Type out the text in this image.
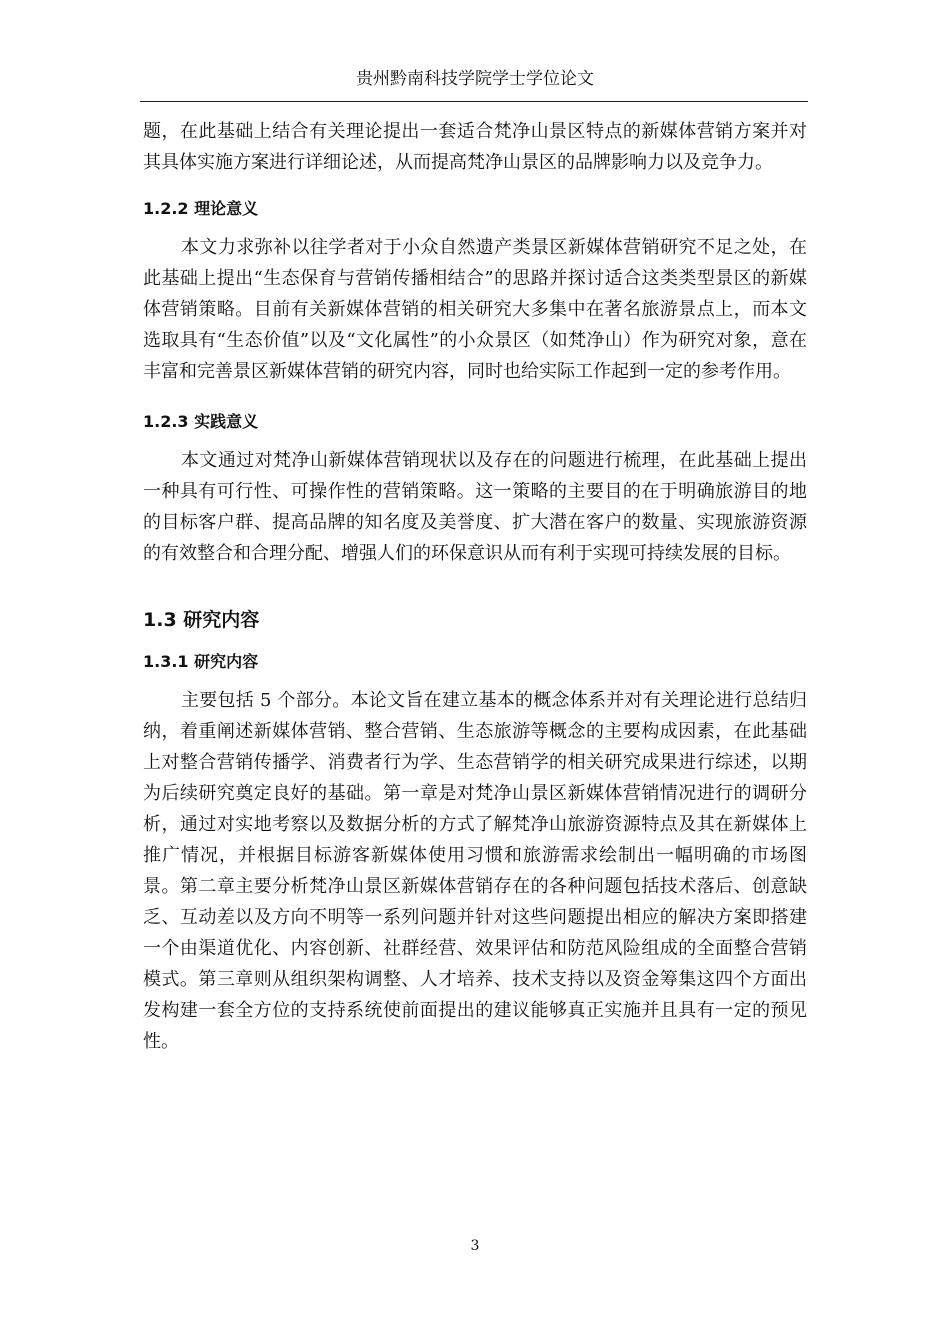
贵州黔南科技学院学士学位论文

题，在此基础上结合有关理论提出一套适合梵净山景区特点的新媒体营销方案并对其具体实施方案进行详细论述，从而提高梵净山景区的品牌影响力以及竞争力。

1.2.2 理论意义

本文力求弥补以往学者对于小众自然遗产类景区新媒体营销研究不足之处，在此基础上提出“生态保育与营销传播相结合”的思路并探讨适合这类类型景区的新媒体营销策略。目前有关新媒体营销的相关研究大多集中在著名旅游景点上，而本文选取具有“生态价值”以及“文化属性”的小众景区（如梵净山）作为研究对象，意在丰富和完善景区新媒体营销的研究内容，同时也给实际工作起到一定的参考作用。

1.2.3 实践意义

本文通过对梵净山新媒体营销现状以及存在的问题进行梳理，在此基础上提出一种具有可行性、可操作性的营销策略。这一策略的主要目的在于明确旅游目的地的目标客户群、提高品牌的知名度及美誉度、扩大潜在客户的数量、实现旅游资源的有效整合和合理分配、增强人们的环保意识从而有利于实现可持续发展的目标。

1.3 研究内容
1.3.1 研究内容

主要包括 5 个部分。本论文旨在建立基本的概念体系并对有关理论进行总结归纳，着重阐述新媒体营销、整合营销、生态旅游等概念的主要构成因素，在此基础上对整合营销传播学、消费者行为学、生态营销学的相关研究成果进行综述，以期为后续研究奠定良好的基础。第一章是对梵净山景区新媒体营销情况进行的调研分析，通过对实地考察以及数据分析的方式了解梵净山旅游资源特点及其在新媒体上推广情况，并根据目标游客新媒体使用习惯和旅游需求绘制出一幅明确的市场图景。第二章主要分析梵净山景区新媒体营销存在的各种问题包括技术落后、创意缺乏、互动差以及方向不明等一系列问题并针对这些问题提出相应的解决方案即搭建一个由渠道优化、内容创新、社群经营、效果评估和防范风险组成的全面整合营销模式。第三章则从组织架构调整、人才培养、技术支持以及资金筹集这四个方面出发构建一套全方位的支持系统使前面提出的建议能够真正实施并且具有一定的预见性。

3
